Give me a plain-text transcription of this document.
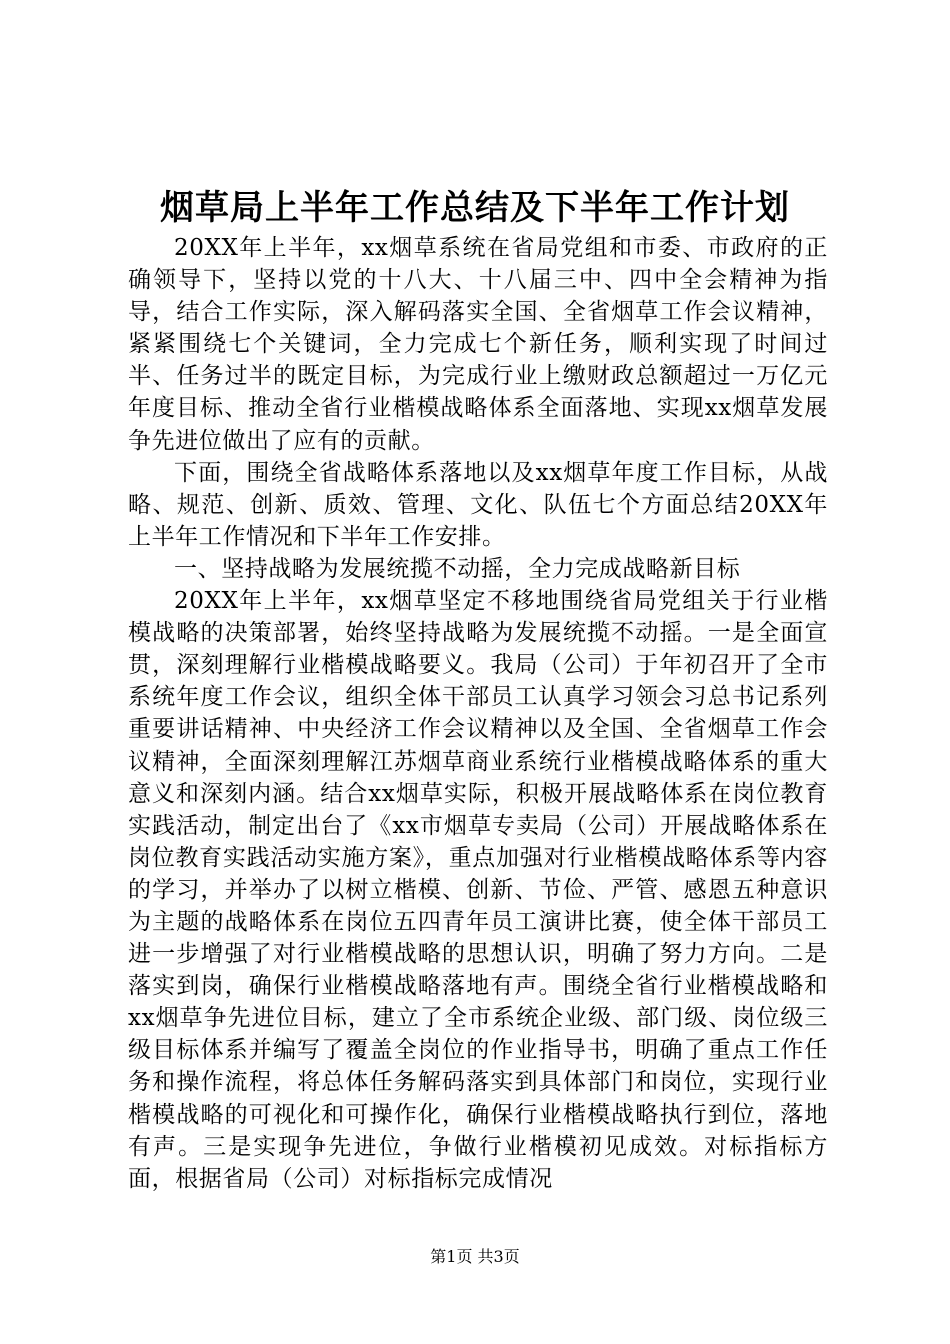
烟草局上半年工作总结及下半年工作计划

20XX年上半年，xx烟草系统在省局党组和市委、市政府的正确领导下，坚持以党的十八大、十八届三中、四中全会精神为指导，结合工作实际，深入解码落实全国、全省烟草工作会议精神，紧紧围绕七个关键词，全力完成七个新任务，顺利实现了时间过半、任务过半的既定目标，为完成行业上缴财政总额超过一万亿元年度目标、推动全省行业楷模战略体系全面落地、实现xx烟草发展争先进位做出了应有的贡献。

下面，围绕全省战略体系落地以及xx烟草年度工作目标，从战略、规范、创新、质效、管理、文化、队伍七个方面总结20XX年上半年工作情况和下半年工作安排。

一、坚持战略为发展统揽不动摇，全力完成战略新目标

20XX年上半年，xx烟草坚定不移地围绕省局党组关于行业楷模战略的决策部署，始终坚持战略为发展统揽不动摇。一是全面宣贯，深刻理解行业楷模战略要义。我局（公司）于年初召开了全市系统年度工作会议，组织全体干部员工认真学习领会习总书记系列重要讲话精神、中央经济工作会议精神以及全国、全省烟草工作会议精神，全面深刻理解江苏烟草商业系统行业楷模战略体系的重大意义和深刻内涵。结合xx烟草实际，积极开展战略体系在岗位教育实践活动，制定出台了《xx市烟草专卖局（公司）开展战略体系在岗位教育实践活动实施方案》，重点加强对行业楷模战略体系等内容的学习，并举办了以树立楷模、创新、节俭、严管、感恩五种意识为主题的战略体系在岗位五四青年员工演讲比赛，使全体干部员工进一步增强了对行业楷模战略的思想认识，明确了努力方向。二是落实到岗，确保行业楷模战略落地有声。围绕全省行业楷模战略和xx烟草争先进位目标，建立了全市系统企业级、部门级、岗位级三级目标体系并编写了覆盖全岗位的作业指导书，明确了重点工作任务和操作流程，将总体任务解码落实到具体部门和岗位，实现行业楷模战略的可视化和可操作化，确保行业楷模战略执行到位，落地有声。三是实现争先进位，争做行业楷模初见成效。对标指标方面，根据省局（公司）对标指标完成情况

第1页 共3页
